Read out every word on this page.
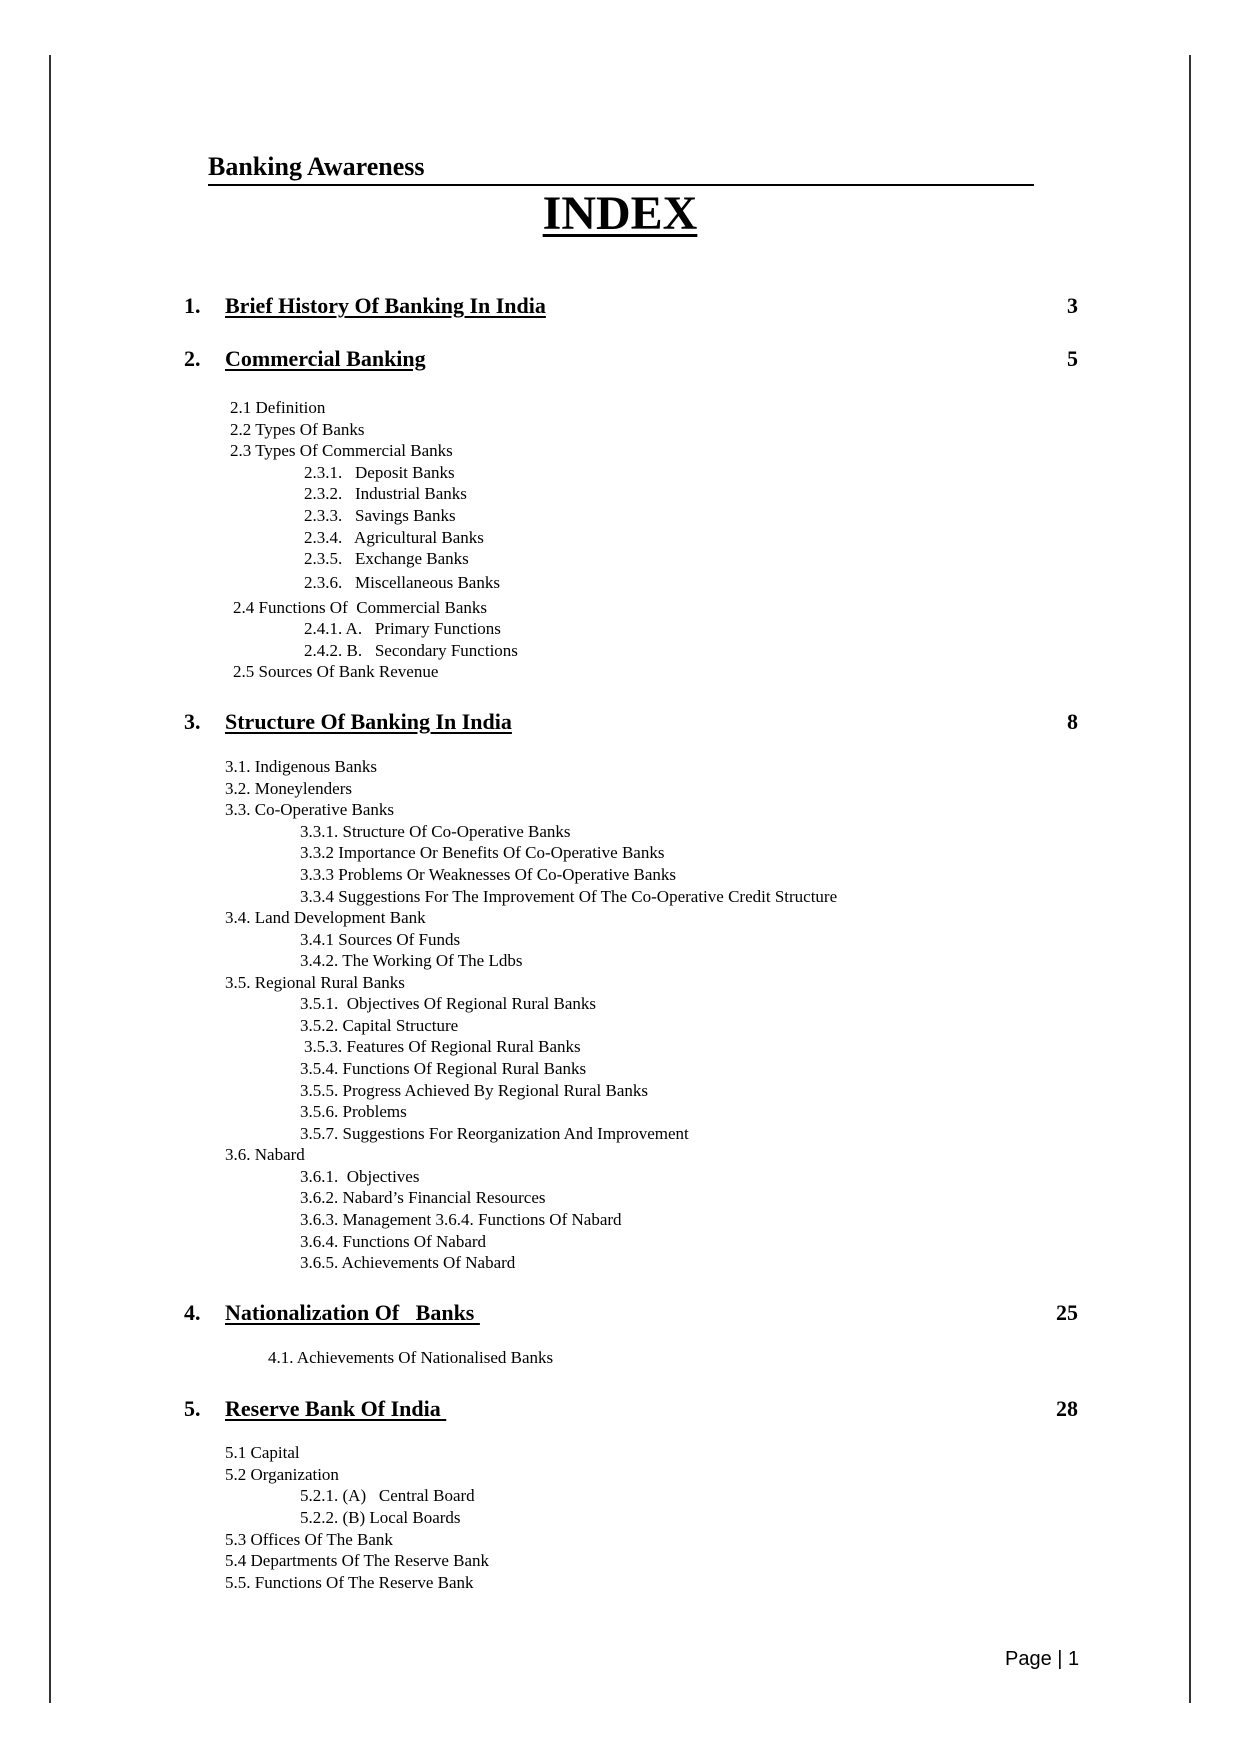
Banking Awareness
INDEX
1.	Brief History Of Banking In India	3
2.	Commercial Banking	5
2.1 Definition
2.2 Types Of Banks
2.3 Types Of Commercial Banks
2.3.1.   Deposit Banks
2.3.2.   Industrial Banks
2.3.3.   Savings Banks
2.3.4.   Agricultural Banks
2.3.5.   Exchange Banks
2.3.6.   Miscellaneous Banks
2.4 Functions Of  Commercial Banks
2.4.1. A.   Primary Functions
2.4.2. B.   Secondary Functions
2.5 Sources Of Bank Revenue
3.	Structure Of Banking In India	8
3.1. Indigenous Banks
3.2. Moneylenders
3.3. Co-Operative Banks
3.3.1. Structure Of Co-Operative Banks
3.3.2 Importance Or Benefits Of Co-Operative Banks
3.3.3 Problems Or Weaknesses Of Co-Operative Banks
3.3.4 Suggestions For The Improvement Of The Co-Operative Credit Structure
3.4. Land Development Bank
3.4.1 Sources Of Funds
3.4.2. The Working Of The Ldbs
3.5. Regional Rural Banks
3.5.1.  Objectives Of Regional Rural Banks
3.5.2. Capital Structure
3.5.3. Features Of Regional Rural Banks
3.5.4. Functions Of Regional Rural Banks
3.5.5. Progress Achieved By Regional Rural Banks
3.5.6. Problems
3.5.7. Suggestions For Reorganization And Improvement
3.6. Nabard
3.6.1.  Objectives
3.6.2. Nabard’s Financial Resources
3.6.3. Management 3.6.4. Functions Of Nabard
3.6.4. Functions Of Nabard
3.6.5. Achievements Of Nabard
4.	Nationalization Of   Banks	25
4.1. Achievements Of Nationalised Banks
5.	Reserve Bank Of India	28
5.1 Capital
5.2 Organization
5.2.1. (A)   Central Board
5.2.2. (B) Local Boards
5.3 Offices Of The Bank
5.4 Departments Of The Reserve Bank
5.5. Functions Of The Reserve Bank
Page | 1
